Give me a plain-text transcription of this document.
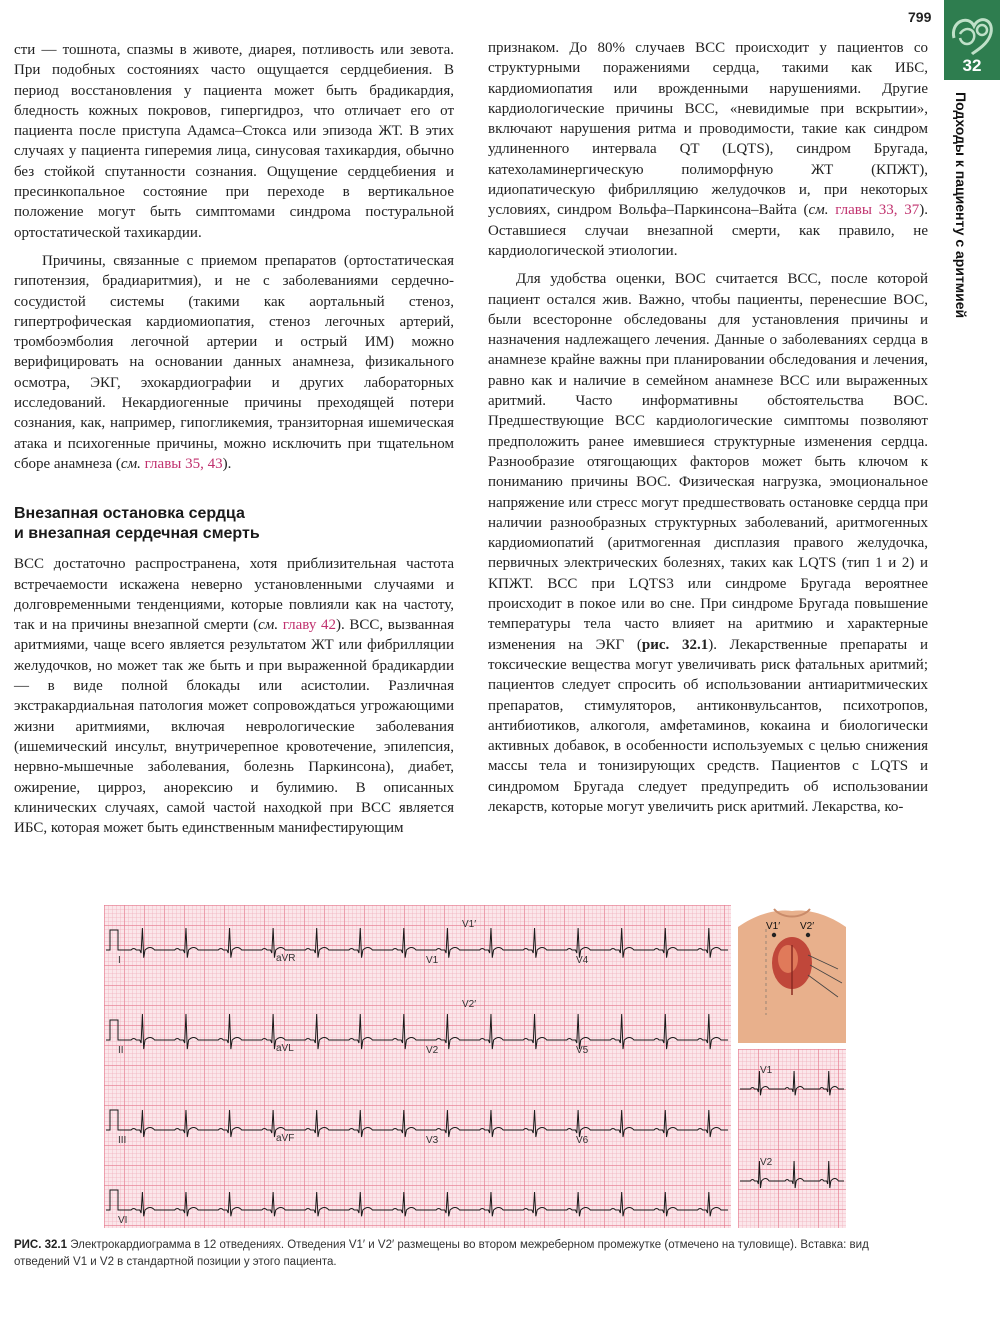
799
32
Подходы к пациенту с аритмией

сти — тошнота, спазмы в животе, диарея, потливость или зевота. При подобных состояниях часто ощущается сердцебиения. В период восстановления у пациента может быть брадикардия, бледность кожных покровов, гипергидроз, что отличает его от пациента после приступа Адамса–Стокса или эпизода ЖТ. В этих случаях у пациента гиперемия лица, синусовая тахикардия, обычно без стойкой спутанности сознания. Ощущение сердцебиения и пресинкопальное состояние при переходе в вертикальное положение могут быть симптомами синдрома постуральной ортостатической тахикардии.

Причины, связанные с приемом препаратов (ортостатическая гипотензия, брадиаритмия), и не с заболеваниями сердечно-сосудистой системы (такими как аортальный стеноз, гипертрофическая кардиомиопатия, стеноз легочных артерий, тромбоэмболия легочной артерии и острый ИМ) можно верифицировать на основании данных анамнеза, физикального осмотра, ЭКГ, эхокардиографии и других лабораторных исследований. Некардиогенные причины преходящей потери сознания, как, например, гипогликемия, транзиторная ишемическая атака и психогенные причины, можно исключить при тщательном сборе анамнеза (см. главы 35, 43).

Внезапная остановка сердца
и внезапная сердечная смерть

ВСС достаточно распространена, хотя приблизительная частота встречаемости искажена неверно установленными случаями и долговременными тенденциями, которые повлияли как на частоту, так и на причины внезапной смерти (см. главу 42). ВСС, вызванная аритмиями, чаще всего является результатом ЖТ или фибрилляции желудочков, но может так же быть и при выраженной брадикардии — в виде полной блокады или асистолии. Различная экстракардиальная патология может сопровождаться угрожающими жизни аритмиями, включая неврологические заболевания (ишемический инсульт, внутричерепное кровотечение, эпилепсия, нервно-мышечные заболевания, болезнь Паркинсона), диабет, ожирение, цирроз, анорексию и булимию. В описанных клинических случаях, самой частой находкой при ВСС является ИБС, которая может быть единственным манифестирующим

признаком. До 80% случаев ВСС происходит у пациентов со структурными поражениями сердца, такими как ИБС, кардиомиопатия или врожденными нарушениями. Другие кардиологические причины ВСС, «невидимые при вскрытии», включают нарушения ритма и проводимости, такие как синдром удлиненного интервала QT (LQTS), синдром Бругада, катехоламинергическую полиморфную ЖТ (КПЖТ), идиопатическую фибрилляцию желудочков и, при некоторых условиях, синдром Вольфа–Паркинсона–Вайта (см. главы 33, 37). Оставшиеся случаи внезапной смерти, как правило, не кардиологической этиологии.

Для удобства оценки, ВОС считается ВСС, после которой пациент остался жив. Важно, чтобы пациенты, перенесшие ВОС, были всесторонне обследованы для установления причины и назначения надлежащего лечения. Данные о заболеваниях сердца в анамнезе крайне важны при планировании обследования и лечения, равно как и наличие в семейном анамнезе ВСС или выраженных аритмий. Часто информативны обстоятельства ВОС. Предшествующие ВСС кардиологические симптомы позволяют предположить ранее имевшиеся структурные изменения сердца. Разнообразие отягощающих факторов может быть ключом к пониманию причины ВОС. Физическая нагрузка, эмоциональное напряжение или стресс могут предшествовать остановке сердца при наличии разнообразных структурных заболеваний, аритмогенных кардиомиопатий (аритмогенная дисплазия правого желудочка, первичных электрических болезнях, таких как LQTS (тип 1 и 2) и КПЖТ. ВСС при LQTS3 или синдроме Бругада вероятнее происходит в покое или во сне. При синдроме Бругада повышение температуры тела часто влияет на аритмию и характерные изменения на ЭКГ (рис. 32.1). Лекарственные препараты и токсические вещества могут увеличивать риск фатальных аритмий; пациентов следует спросить об использовании антиаритмических препаратов, стимуляторов, антиконвульсантов, психотропов, антибиотиков, алкоголя, амфетаминов, кокаина и биологически активных добавок, в особенности используемых с целью снижения массы тела и тонизирующих средств. Пациентов с LQTS и синдромом Бругада следует предупредить об использовании лекарств, которые могут увеличить риск аритмий. Лекарства, ко-

I	aVR	V1
V1′
V4
II	aVL	V2
V2′
V5
III	aVF	V3	V6
VI
V1′ V2′
V1
V2
РИС. 32.1 Электрокардиограмма в 12 отведениях. Отведения V1′ и V2′ размещены во втором межреберном промежутке (отмечено на туловище). Вставка: вид отведений V1 и V2 в стандартной позиции у этого пациента.
